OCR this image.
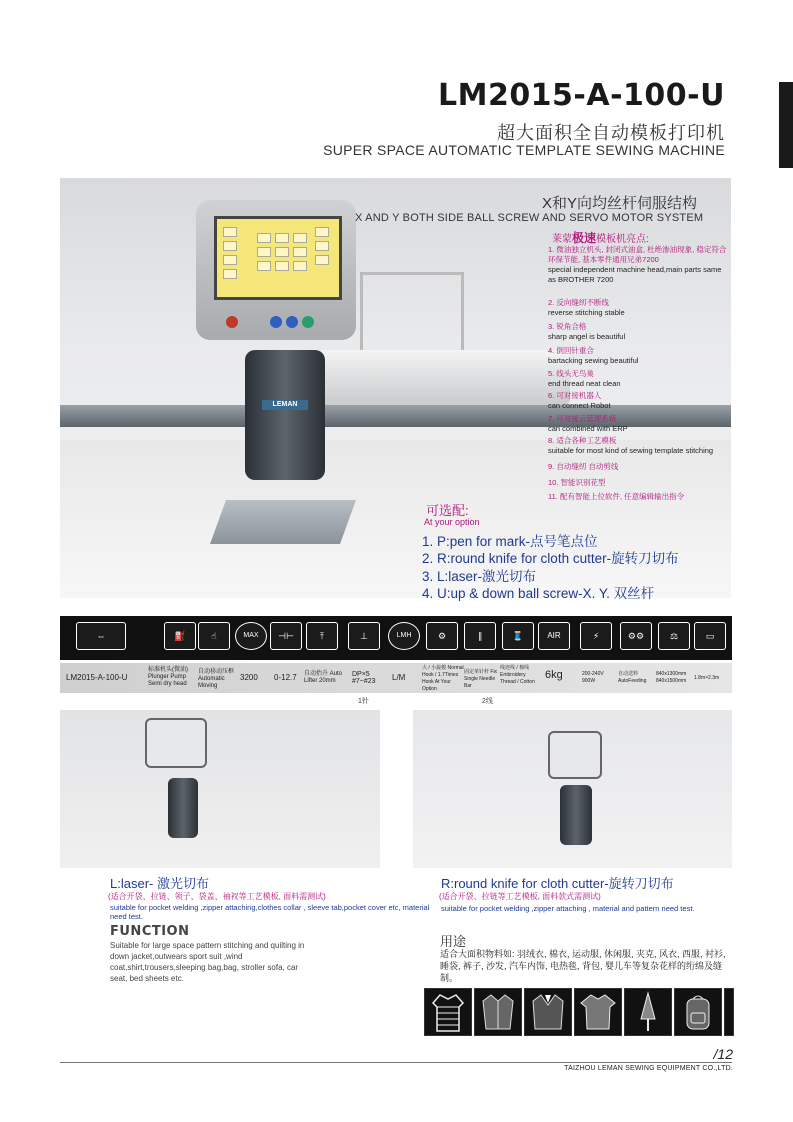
LM2015-A-100-U
超大面积全自动模板打印机
SUPER SPACE AUTOMATIC TEMPLATE SEWING MACHINE
LEMAN
X和Y向均丝杆伺服结构
X AND Y BOTH SIDE BALL SCREW AND SERVO MOTOR SYSTEM
莱蒙极速模板机亮点:
1. 微油独立机头, 封闭式油盒, 杜绝渗油现象, 稳定符合环保节能, 基本零件通用兄弟7200
special independent machine head,main parts same as BROTHER 7200
2. 反向缝纫不断线
reverse stitching stable
3. 锐角合格
sharp angel is beautiful
4. 倒回针重合
bartacking sewing beautiful
5. 线头无鸟巢
end thread neat clean
6. 可对接机器人
can connect Robot
7. 可对接云管理系统
can combined with ERP
8. 适合各种工艺模板
suitable for most kind of sewing template stitching
9. 自动缝纫 自动剪线
10. 智能识别花型
11. 配有智能上位软件, 任意编辑输出指令
可选配:
At your option
1. P:pen for mark-点号笔点位
2. R:round knife for cloth cutter-旋转刀切布
3. L:laser-激光切布
4. U:up & down ball screw-X. Y. 双丝杆
⇔	⛽	☝	MAX	⊣⊢	⤒	⊥	LMH	⚙	∥	🧵	AIR	⚡	⚙⚙	⚖	▭
LM2015-A-100-U
标准机头(微油) Plunger Pump Semi dry head
自动移动压框 Automatic Moving
3200 0-12.7 自动抬升 Auto Lifter 20mm
DP×5 #7~#23	L/M
大 / 小旋梭 Normal Hook / 1.7Times Hook At Your Option
固定单针杆 Fix Single Needle Bar
线迹线 / 棉线 Embroidery Thread / Cotton
6kg	200-240V 900W
自动送料 AutoFeeding
840x1300mm 840x1500mm	1.8m×2.3m
1针	2线
L:laser- 激光切布
(适合开袋、拉链、领子、袋盖、袖衩等工艺模板, 面料需测试)
suitable for pocket welding ,zipper attaching,clothes collar , sleeve tab,pocket cover etc, material need test.
R:round knife for cloth cutter-旋转刀切布
(适合开袋、拉链等工艺模板, 面料款式需测试)
suitable for pocket welding ,zipper attaching , material and pattern need test.
FUNCTION
Suitable for large space pattern stitching and quilting in down jacket,outwears sport suit ,wind coat,shirt,trousers,sleeping bag,bag, stroller sofa, car seat, bed sheets etc.
用途
适合大面积物料如: 羽绒衣, 棉衣, 运动服, 休闲服, 夹克, 风衣, 西服, 衬衫, 睡袋, 裤子, 沙发, 汽车内饰, 电热毯, 背包, 婴儿车等复杂花样的绗绵及缝制。
/12
TAIZHOU LEMAN SEWING EQUIPMENT CO.,LTD.
